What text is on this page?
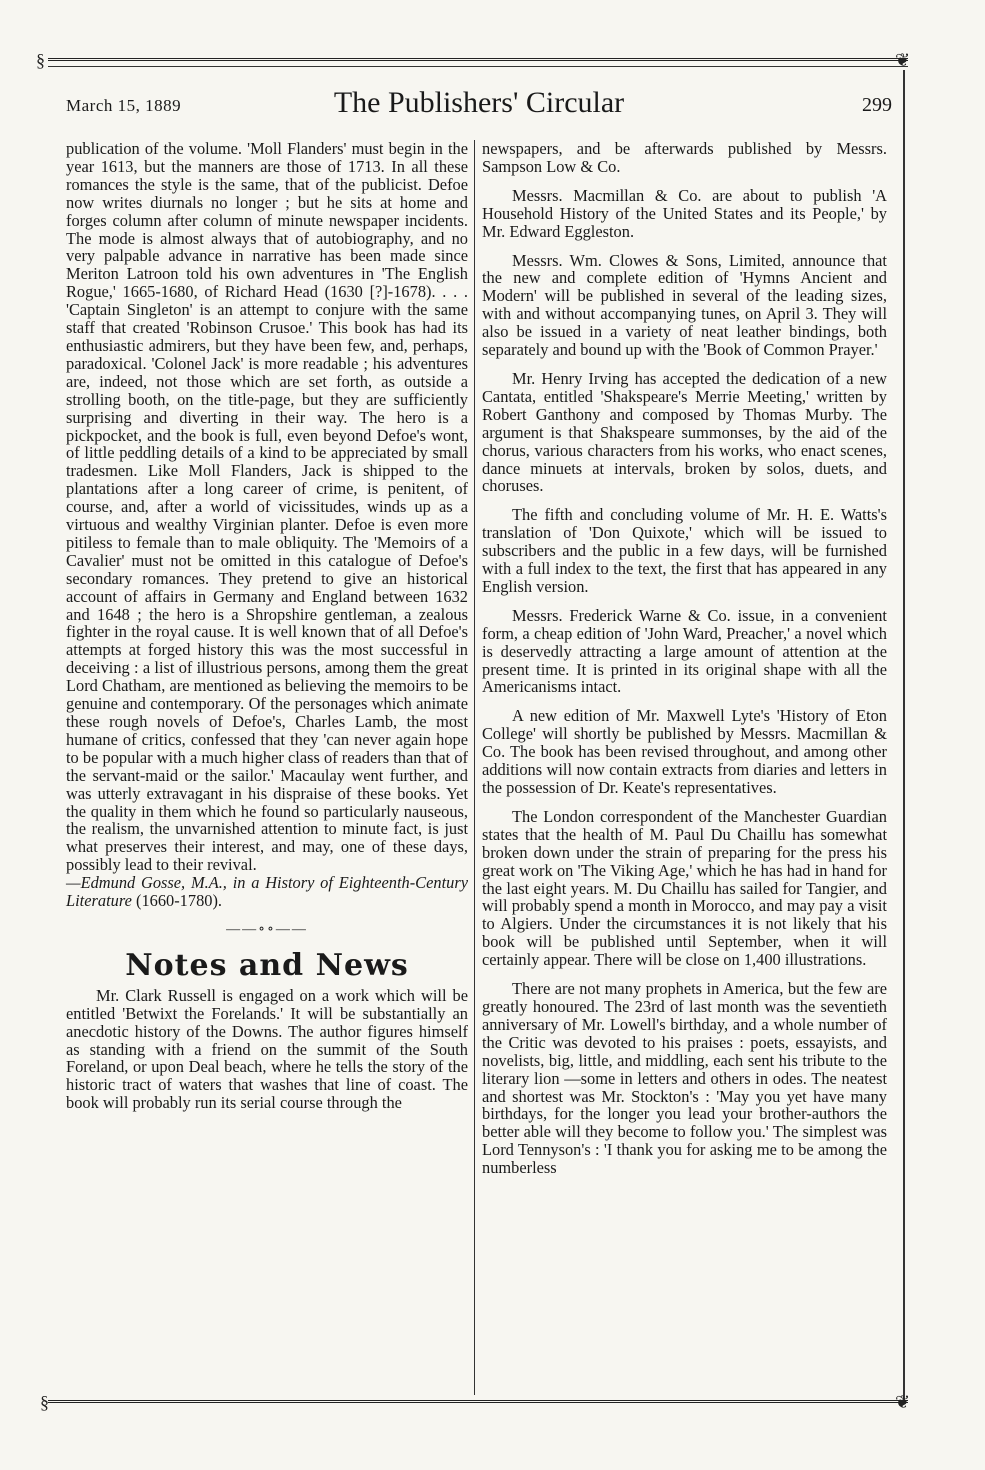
§	❦
March 15, 1889	The Publishers' Circular	299

publication of the volume. 'Moll Flanders' must begin in the year 1613, but the manners are those of 1713. In all these romances the style is the same, that of the publicist. Defoe now writes diurnals no longer ; but he sits at home and forges column after column of minute newspaper incidents. The mode is almost always that of autobiography, and no very palpable advance in narrative has been made since Meriton Latroon told his own adventures in 'The English Rogue,' 1665-1680, of Richard Head (1630 [?]-1678). . . . 'Captain Singleton' is an attempt to conjure with the same staff that created 'Robinson Crusoe.' This book has had its enthusiastic admirers, but they have been few, and, perhaps, paradoxical. 'Colonel Jack' is more readable ; his adventures are, indeed, not those which are set forth, as outside a strolling booth, on the title-page, but they are sufficiently surprising and diverting in their way. The hero is a pickpocket, and the book is full, even beyond Defoe's wont, of little peddling details of a kind to be appreciated by small tradesmen. Like Moll Flanders, Jack is shipped to the plantations after a long career of crime, is penitent, of course, and, after a world of vicissitudes, winds up as a virtuous and wealthy Virginian planter. Defoe is even more pitiless to female than to male obliquity. The 'Memoirs of a Cavalier' must not be omitted in this catalogue of Defoe's secondary romances. They pretend to give an historical account of affairs in Germany and England between 1632 and 1648 ; the hero is a Shropshire gentleman, a zealous fighter in the royal cause. It is well known that of all Defoe's attempts at forged history this was the most successful in deceiving : a list of illustrious persons, among them the great Lord Chatham, are mentioned as believing the memoirs to be genuine and contemporary. Of the personages which animate these rough novels of Defoe's, Charles Lamb, the most humane of critics, confessed that they 'can never again hope to be popular with a much higher class of readers than that of the servant-maid or the sailor.' Macaulay went further, and was utterly extravagant in his dispraise of these books. Yet the quality in them which he found so particularly nauseous, the realism, the unvarnished attention to minute fact, is just what preserves their interest, and may, one of these days, possibly lead to their revival.

—Edmund Gosse, M.A., in a History of Eighteenth-Century Literature (1660-1780).

——∘∘——
Notes and News

Mr. Clark Russell is engaged on a work which will be entitled 'Betwixt the Forelands.' It will be substantially an anecdotic history of the Downs. The author figures himself as standing with a friend on the summit of the South Foreland, or upon Deal beach, where he tells the story of the historic tract of waters that washes that line of coast. The book will probably run its serial course through the

newspapers, and be afterwards published by Messrs. Sampson Low & Co.

Messrs. Macmillan & Co. are about to publish 'A Household History of the United States and its People,' by Mr. Edward Eggleston.

Messrs. Wm. Clowes & Sons, Limited, announce that the new and complete edition of 'Hymns Ancient and Modern' will be published in several of the leading sizes, with and without accompanying tunes, on April 3. They will also be issued in a variety of neat leather bindings, both separately and bound up with the 'Book of Common Prayer.'

Mr. Henry Irving has accepted the dedication of a new Cantata, entitled 'Shakspeare's Merrie Meeting,' written by Robert Ganthony and composed by Thomas Murby. The argument is that Shakspeare summonses, by the aid of the chorus, various characters from his works, who enact scenes, dance minuets at intervals, broken by solos, duets, and choruses.

The fifth and concluding volume of Mr. H. E. Watts's translation of 'Don Quixote,' which will be issued to subscribers and the public in a few days, will be furnished with a full index to the text, the first that has appeared in any English version.

Messrs. Frederick Warne & Co. issue, in a convenient form, a cheap edition of 'John Ward, Preacher,' a novel which is deservedly attracting a large amount of attention at the present time. It is printed in its original shape with all the Americanisms intact.

A new edition of Mr. Maxwell Lyte's 'History of Eton College' will shortly be published by Messrs. Macmillan & Co. The book has been revised throughout, and among other additions will now contain extracts from diaries and letters in the possession of Dr. Keate's representatives.

The London correspondent of the Manchester Guardian states that the health of M. Paul Du Chaillu has somewhat broken down under the strain of preparing for the press his great work on 'The Viking Age,' which he has had in hand for the last eight years. M. Du Chaillu has sailed for Tangier, and will probably spend a month in Morocco, and may pay a visit to Algiers. Under the circumstances it is not likely that his book will be published until September, when it will certainly appear. There will be close on 1,400 illustrations.

There are not many prophets in America, but the few are greatly honoured. The 23rd of last month was the seventieth anniversary of Mr. Lowell's birthday, and a whole number of the Critic was devoted to his praises : poets, essayists, and novelists, big, little, and middling, each sent his tribute to the literary lion —some in letters and others in odes. The neatest and shortest was Mr. Stockton's : 'May you yet have many birthdays, for the longer you lead your brother-authors the better able will they become to follow you.' The simplest was Lord Tennyson's : 'I thank you for asking me to be among the numberless

§	❦
